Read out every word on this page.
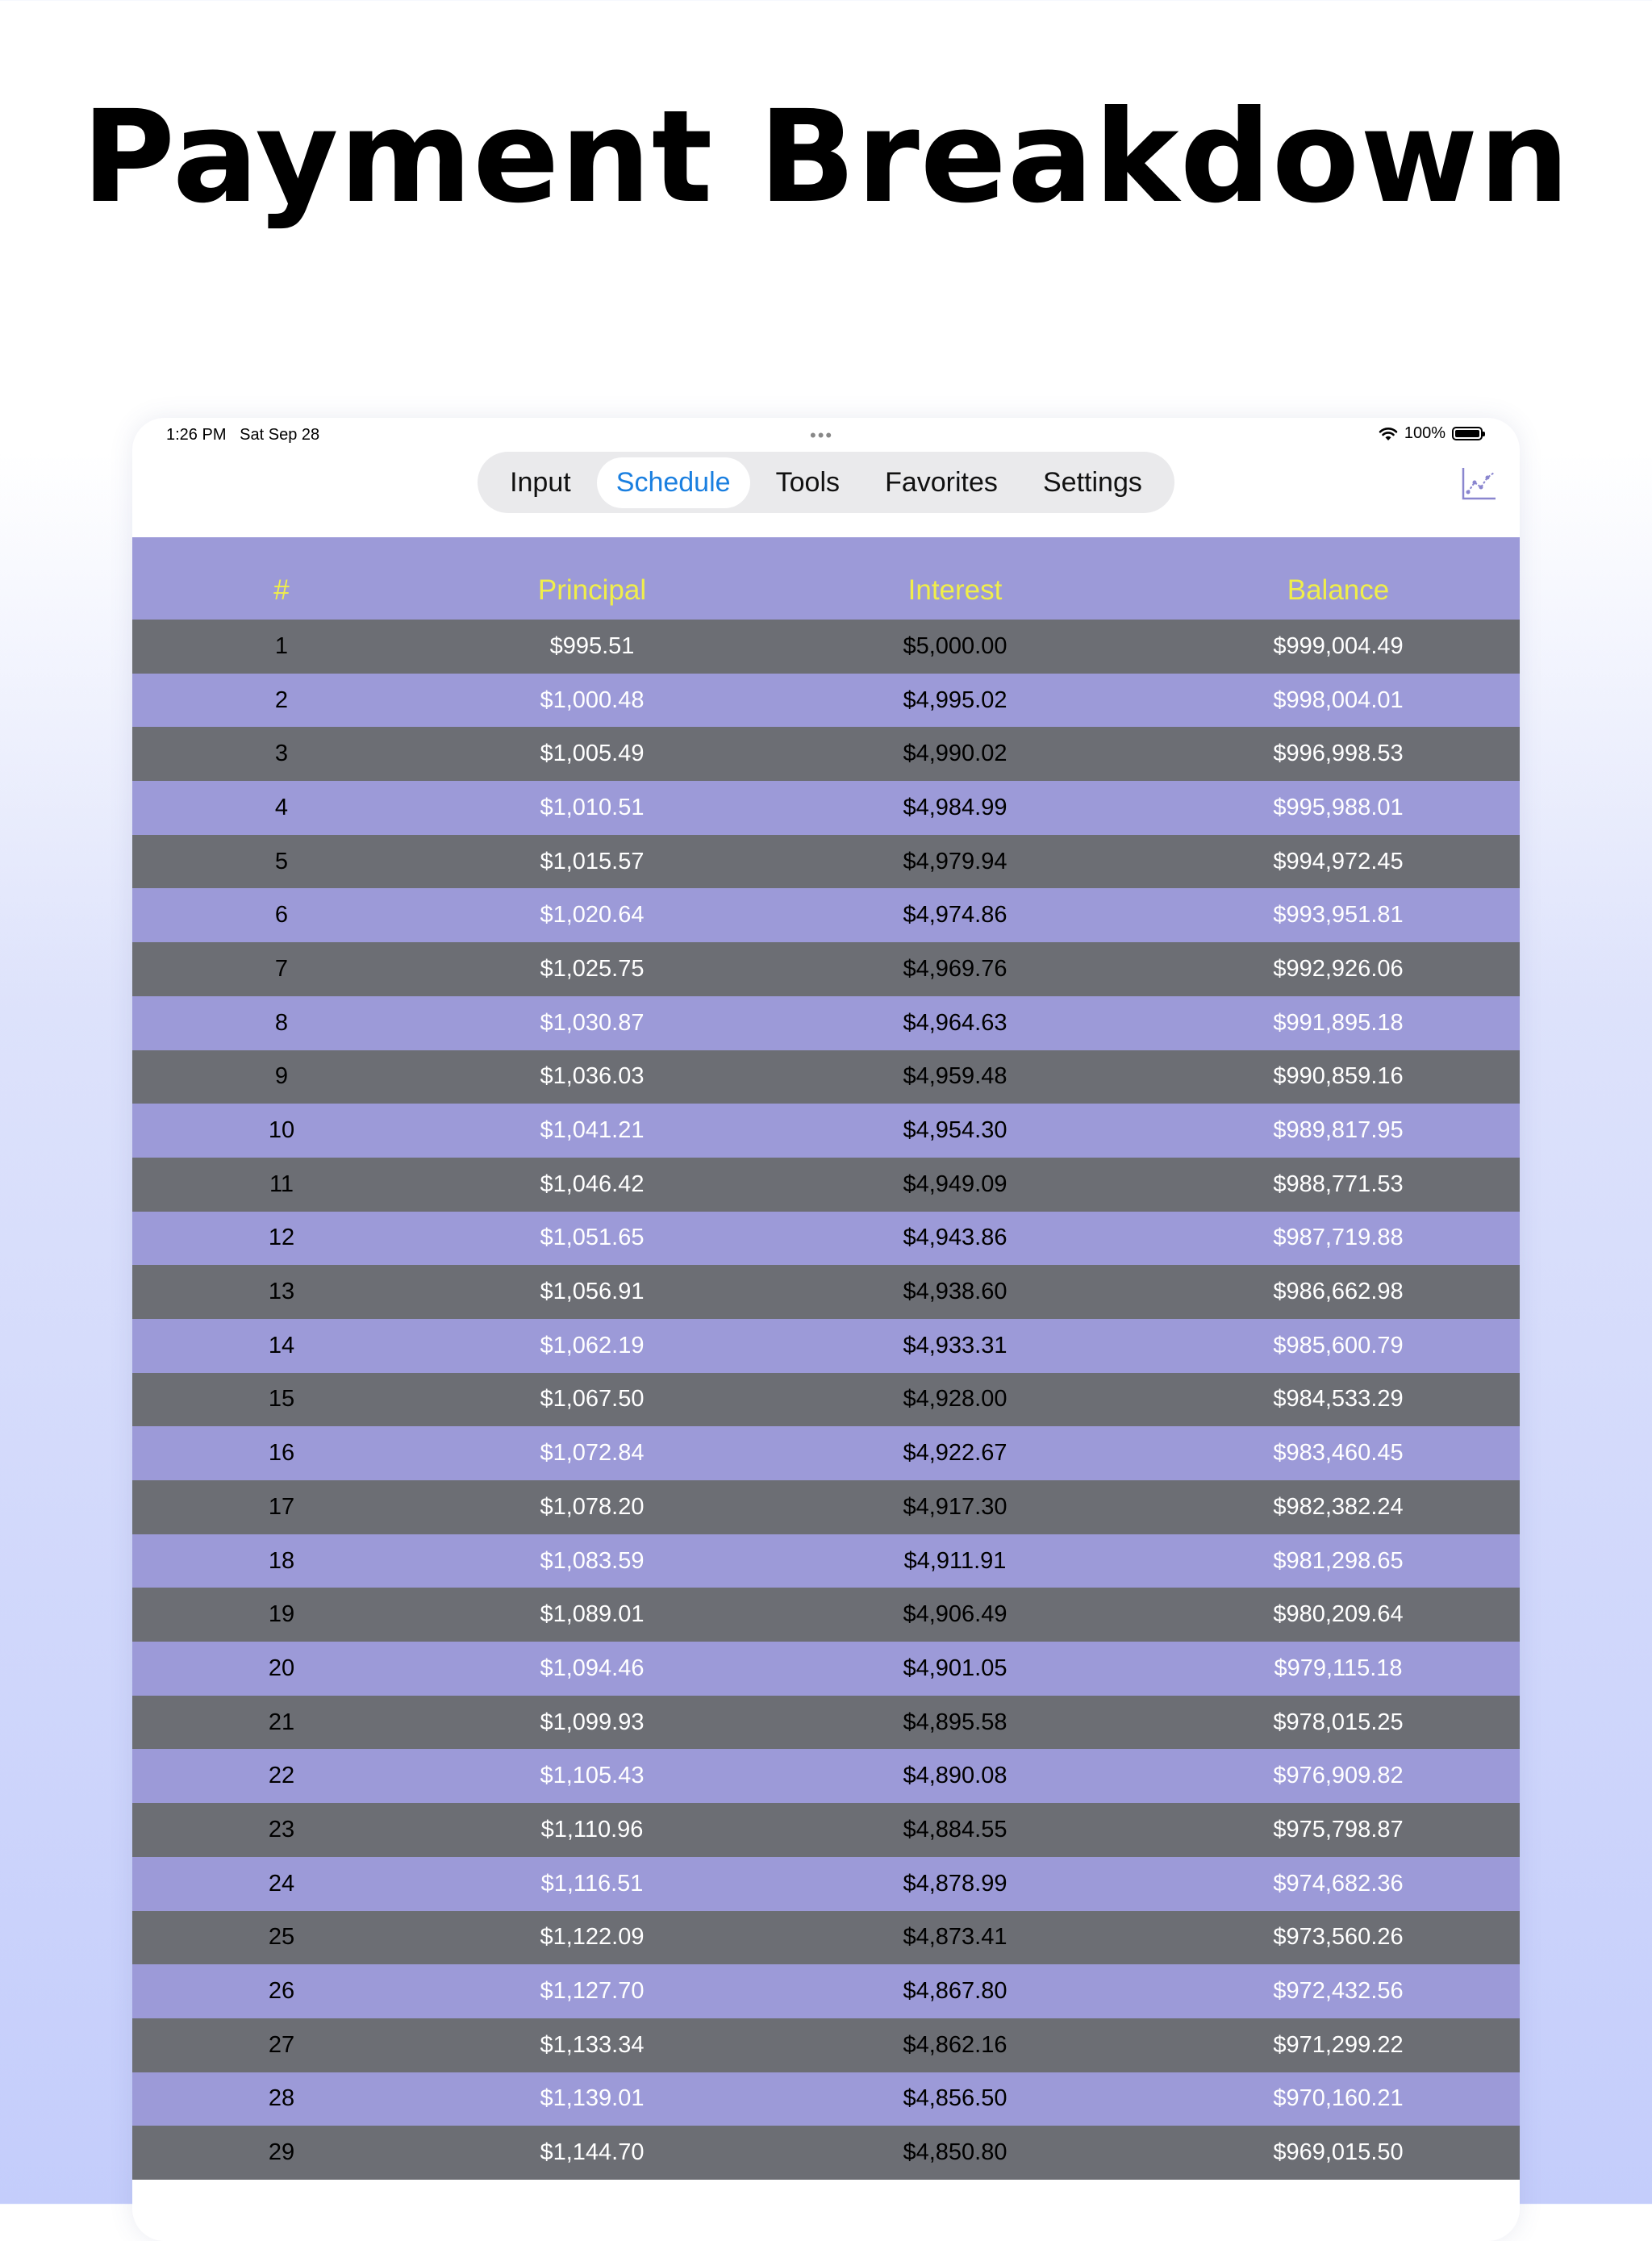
Payment Breakdown
1:26 PM Sat Sep 28	•••	100%
Input	Schedule	Tools	Favorites	Settings
#	Principal	Interest	Balance
1	$995.51	$5,000.00	$999,004.49
2	$1,000.48	$4,995.02	$998,004.01
3	$1,005.49	$4,990.02	$996,998.53
4	$1,010.51	$4,984.99	$995,988.01
5	$1,015.57	$4,979.94	$994,972.45
6	$1,020.64	$4,974.86	$993,951.81
7	$1,025.75	$4,969.76	$992,926.06
8	$1,030.87	$4,964.63	$991,895.18
9	$1,036.03	$4,959.48	$990,859.16
10	$1,041.21	$4,954.30	$989,817.95
11	$1,046.42	$4,949.09	$988,771.53
12	$1,051.65	$4,943.86	$987,719.88
13	$1,056.91	$4,938.60	$986,662.98
14	$1,062.19	$4,933.31	$985,600.79
15	$1,067.50	$4,928.00	$984,533.29
16	$1,072.84	$4,922.67	$983,460.45
17	$1,078.20	$4,917.30	$982,382.24
18	$1,083.59	$4,911.91	$981,298.65
19	$1,089.01	$4,906.49	$980,209.64
20	$1,094.46	$4,901.05	$979,115.18
21	$1,099.93	$4,895.58	$978,015.25
22	$1,105.43	$4,890.08	$976,909.82
23	$1,110.96	$4,884.55	$975,798.87
24	$1,116.51	$4,878.99	$974,682.36
25	$1,122.09	$4,873.41	$973,560.26
26	$1,127.70	$4,867.80	$972,432.56
27	$1,133.34	$4,862.16	$971,299.22
28	$1,139.01	$4,856.50	$970,160.21
29	$1,144.70	$4,850.80	$969,015.50
